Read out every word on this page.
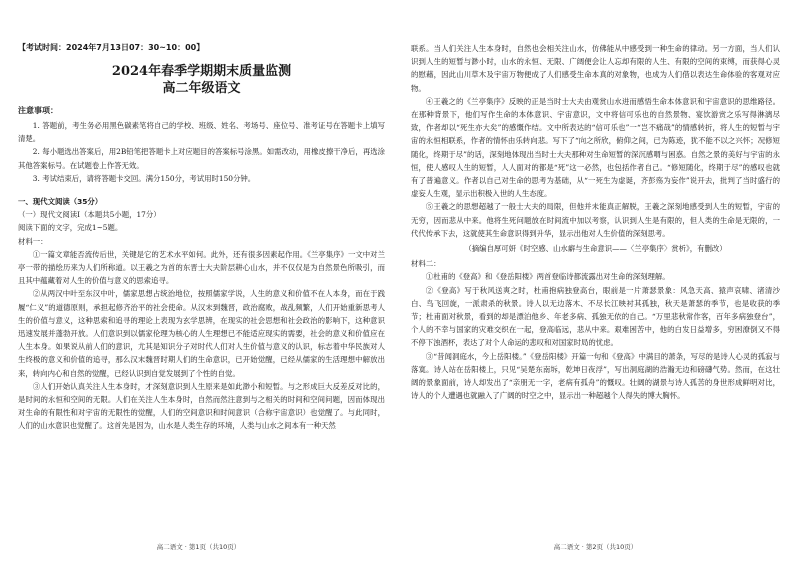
【考试时间：2024年7月13日07：30~10：00】
2024年春季学期期末质量监测
高二年级语文
注意事项：

1. 答题前，考生务必用黑色碳素笔将自己的学校、班级、姓名、考场号、座位号、准考证号在答题卡上填写清楚。

2. 每小题选出答案后，用2B铅笔把答题卡上对应题目的答案标号涂黑。如需改动，用橡皮擦干净后，再选涂其他答案标号。在试题卷上作答无效。

3. 考试结束后，请将答题卡交回。满分150分，考试用时150分钟。

一、现代文阅读（35分）
（一）现代文阅读Ⅰ（本题共5小题，17分）
阅读下面的文字，完成1~5题。
材料一：

①一篇文章能否流传后世，关键是它的艺术水平如何。此外，还有很多因素起作用。《兰亭集序》一文中对兰亭一带的描绘历来为人们所称道。以王羲之为首的东晋士大夫阶层耕心山水，并不仅仅是为自然景色所吸引，而且其中蕴藏着对人生的价值与意义的思索追寻。

②从两汉中叶至东汉中叶，儒家思想占统治地位，按照儒家学说，人生的意义和价值不在人本身，而在于践履“仁义”的道德原则，承担起修齐治平的社会使命。从汉末到魏晋，政治腐败，战乱频繁，人们开始重新思考人生的价值与意义，这种思索和追寻的理论上表现为玄学思辨，在现实的社会思想和社会政治的影响下，这种意识迅速发展并蓬勃开放。人们意识到以儒家伦理为核心的人生理想已不能适应现实的需要，社会的意义和价值应在人生本身。如果说从前人们的意识，尤其是知识分子对时代人们对人生价值与意义的认识，标志着中华民族对人生终极的意义和价值的追寻，那么汉末魏晋时期人们的生命意识，已开始觉醒，已经从儒家的生活理想中解放出来，转向内心和自然的觉醒，已经认识到自觉发展到了个性的自觉。

③人们开始认真关注人生本身时，才深刻意识到人生原来是如此渺小和短暂。与之形成巨大反差反对比的，是时间的永恒和空间的无限。人们在关注人生本身时，自然而然注意到与之相关的时间和空间问题，因而体现出对生命的有限性和对宇宙的无限性的觉醒，人们的空间意识和时间意识（合称宇宙意识）也觉醒了。与此同时，人们的山水意识也觉醒了。这首先是因为，山水是人类生存的环境，人类与山水之间本有一种天然

高二语文 · 第1页（共10页）

联系。当人们关注人生本身时，自然也会相关注山水，仿佛能从中感受到一种生命的律动。另一方面，当人们认识到人生的短暂与渺小时，山水的永恒、无限、广阔便会让人忘却有限的人生、有限的空间的束缚，而获得心灵的慰藉，因此山川草木及宇宙万物便成了人们感受生命本真的对象物，也成为人们借以表达生命体验的客观对应物。

④王羲之的《兰亭集序》反映的正是当时士大夫由观赏山水进而感悟生命本体意识和宇宙意识的思维路径。在那种背景下，他们写作生命的本体意识、宇宙意识，文中将信可乐也的自然景物、宴饮游赏之乐写得淋漓尽致，作者却以“死生亦大矣”的感慨作结。文中所表达的“信可乐也”一“岂不痛哉”的情感转折，将人生的短暂与宇宙的永恒相联系，作者的情怀由乐转向悲。写下了“向之所欣，俯仰之间，已为陈迹，犹不能不以之兴怀；况修短随化，终期于尽”的话，深刻地体现出当时士大夫那种对生命短暂的深沉感喟与困惑。自然之景的美好与宇宙的永恒，使人感叹人生的短暂，人人面对的都是“死”这一必然，也包括作者自己。“修短随化，终期于尽”的感叹也就有了普遍意义。作者以自己对生命的思考为基础，从“一死生为虚诞，齐彭殇为妄作”说开去，批判了当时盛行的虚妄人生观，显示出积极入世的人生态度。

⑤王羲之的思想超越了一般士大夫的局限，但他并未能真正解脱，王羲之深刻地感受到人生的短暂，宇宙的无穷，因而悲从中来。他将生死问题放在时间流中加以考察，认识到人生是有限的，但人类的生命是无限的，一代代传承下去，这就使其生命意识得到升华，显示出他对人生价值的深刻思考。

（摘编自厚可妍《时空感、山水癖与生命意识——〈兰亭集序〉赏析》，有删改）
材料二：

①杜甫的《登高》和《登岳阳楼》两首登临诗都流露出对生命的深刻理解。

②《登高》写于秋风送爽之时，杜甫抱病独登高台，眼前是一片萧瑟景象：风急天高、猿声哀啸、渚清沙白、鸟飞回旋，一派肃杀的秋景。诗人以无边落木、不尽长江映衬其孤独，秋天是萧瑟的季节，也是收获的季节；杜甫面对秋景，看到的却是漂泊他乡、年老多病、孤独无依的自己。“万里悲秋常作客，百年多病独登台”，个人的不幸与国家的灾难交织在一起，登高临远，悲从中来。艰难困苦中，他的白发日益增多，穷困潦倒又不得不停下浊酒杯，表达了对个人命运的悲叹和对国家时局的忧虑。

③“昔闻洞庭水，今上岳阳楼。”《登岳阳楼》开篇一句和《登高》中满目的萧条，写尽的是诗人心灵的孤寂与落寞。诗人站在岳阳楼上，只见“吴楚东南坼，乾坤日夜浮”，写出洞庭湖的浩瀚无边和磅礴气势。然而，在这壮阔的景象面前，诗人却发出了“亲朋无一字，老病有孤舟”的慨叹。壮阔的湖景与诗人孤苦的身世形成鲜明对比，诗人的个人遭遇也就融入了广阔的时空之中，显示出一种超越个人得失的博大胸怀。

高二语文 · 第2页（共10页）
